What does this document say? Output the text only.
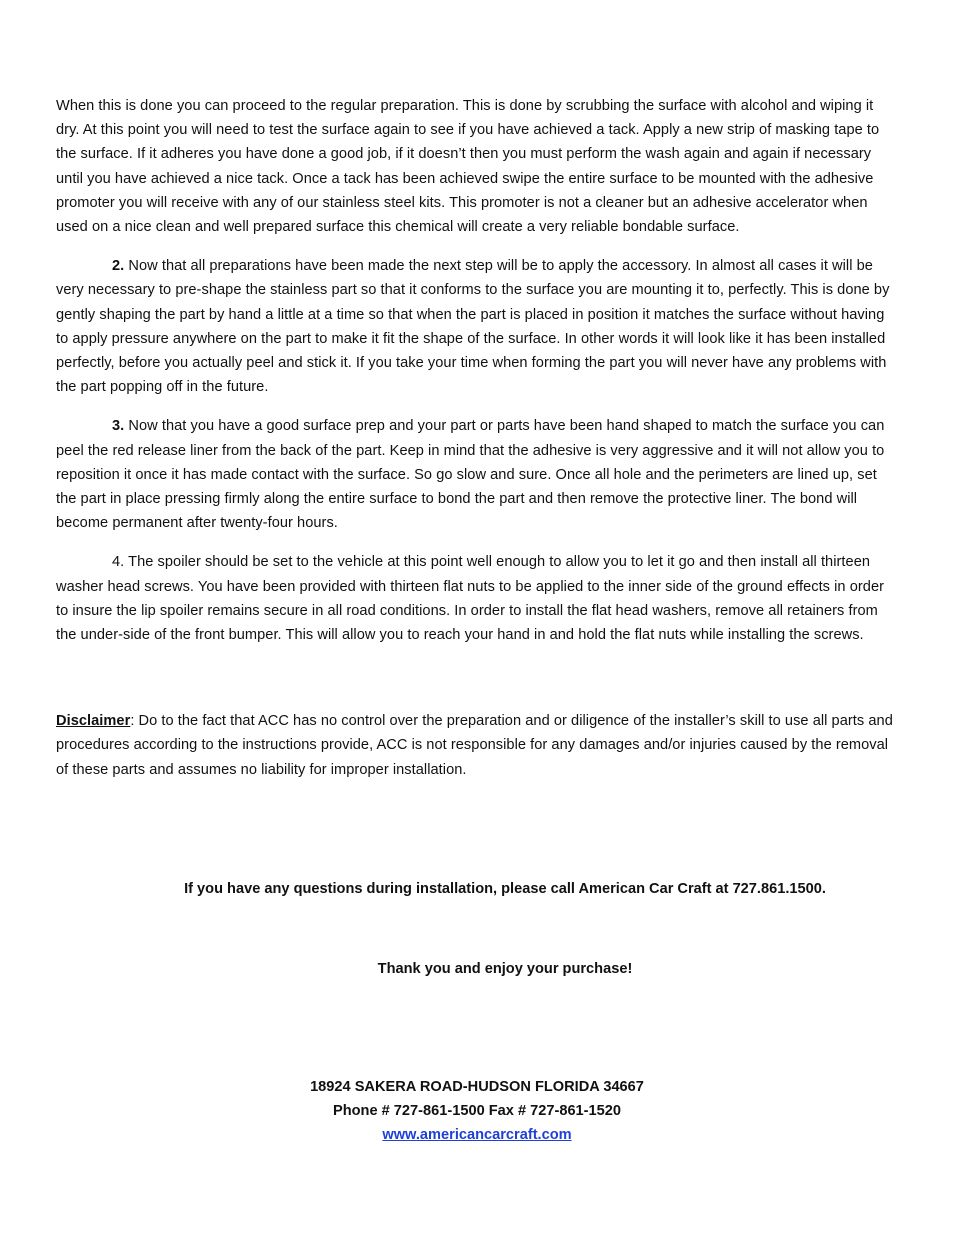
When this is done you can proceed to the regular preparation. This is done by scrubbing the surface with alcohol and wiping it dry. At this point you will need to test the surface again to see if you have achieved a tack. Apply a new strip of masking tape to the surface. If it adheres you have done a good job, if it doesn’t then you must perform the wash again and again if necessary until you have achieved a nice tack. Once a tack has been achieved swipe the entire surface to be mounted with the adhesive promoter you will receive with any of our stainless steel kits. This promoter is not a cleaner but an adhesive accelerator when used on a nice clean and well prepared surface this chemical will create a very reliable bondable surface.

2. Now that all preparations have been made the next step will be to apply the accessory. In almost all cases it will be very necessary to pre-shape the stainless part so that it conforms to the surface you are mounting it to, perfectly. This is done by gently shaping the part by hand a little at a time so that when the part is placed in position it matches the surface without having to apply pressure anywhere on the part to make it fit the shape of the surface. In other words it will look like it has been installed perfectly, before you actually peel and stick it. If you take your time when forming the part you will never have any problems with the part popping off in the future.

3. Now that you have a good surface prep and your part or parts have been hand shaped to match the surface you can peel the red release liner from the back of the part. Keep in mind that the adhesive is very aggressive and it will not allow you to reposition it once it has made contact with the surface. So go slow and sure. Once all hole and the perimeters are lined up, set the part in place pressing firmly along the entire surface to bond the part and then remove the protective liner. The bond will become permanent after twenty-four hours.

4. The spoiler should be set to the vehicle at this point well enough to allow you to let it go and then install all thirteen washer head screws. You have been provided with thirteen flat nuts to be applied to the inner side of the ground effects in order to insure the lip spoiler remains secure in all road conditions. In order to install the flat head washers, remove all retainers from the under-side of the front bumper. This will allow you to reach your hand in and hold the flat nuts while installing the screws.

Disclaimer: Do to the fact that ACC has no control over the preparation and or diligence of the installer’s skill to use all parts and procedures according to the instructions provide, ACC is not responsible for any damages and/or injuries caused by the removal of these parts and assumes no liability for improper installation.

If you have any questions during installation, please call American Car Craft at 727.861.1500.

Thank you and enjoy your purchase!

18924 SAKERA ROAD-HUDSON FLORIDA 34667

Phone # 727-861-1500 Fax # 727-861-1520

www.americancarcraft.com
